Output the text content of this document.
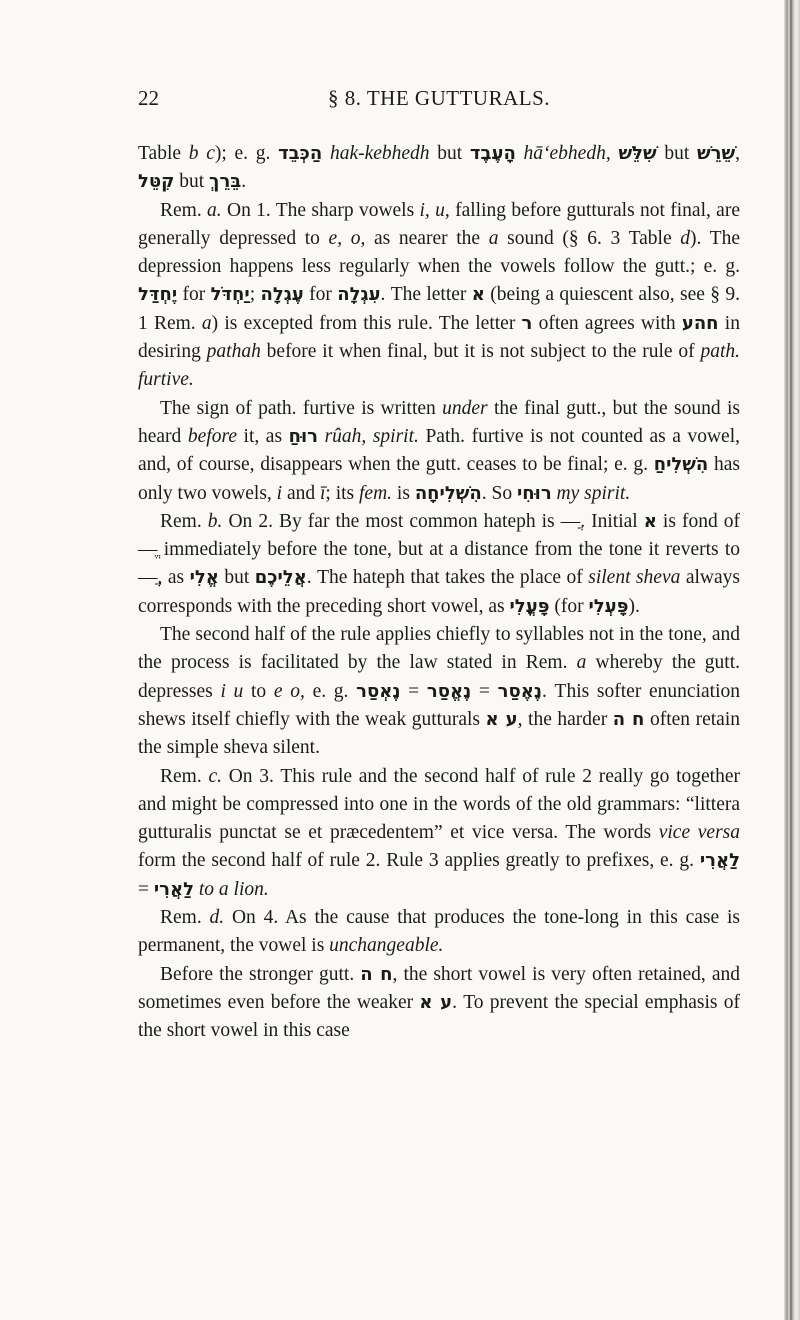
22	§ 8. THE GUTTURALS.

Table b c); e. g. הַכְּבֵד hak-kebhedh but הָעֶבֶד hā‘ebhedh, שִׁלֵּשׁ but שֵׁרֵשׁ, קִטֵּל but בֵּרֵךְ.

Rem. a. On 1. The sharp vowels i, u, falling before gutturals not final, are generally depressed to e, o, as nearer the a sound (§ 6. 3 Table d). The depression happens less regularly when the vowels follow the gutt.; e. g. יֶחְדַּל for יַחְדֹּל; עֶגְלָה for עִגְלָה. The letter א (being a quiescent also, see § 9. 1 Rem. a) is excepted from this rule. The letter ר often agrees with חהע in desiring pathah before it when final, but it is not subject to the rule of path. furtive.

The sign of path. furtive is written under the final gutt., but the sound is heard before it, as רוּחַ rûah, spirit. Path. furtive is not counted as a vowel, and, of course, disappears when the gutt. ceases to be final; e. g. הִשְׁלִיחַ has only two vowels, i and ī; its fem. is הִשְׁלִיחָה. So רוּחִי my spirit.

Rem. b. On 2. By far the most common hateph is —ֲ. Initial א is fond of —ֱ immediately before the tone, but at a distance from the tone it reverts to —ֲ, as אֱלִי but אֲלֵיכֶם. The hateph that takes the place of silent sheva always corresponds with the preceding short vowel, as פָּעֳלִי (for פָּעְלִי).

The second half of the rule applies chiefly to syllables not in the tone, and the process is facilitated by the law stated in Rem. a whereby the gutt. depresses i u to e o, e. g. נֶאְסַר = נֶאֱסַר = נֶאֶסַר. This softer enunciation shews itself chiefly with the weak gutturals ע א, the harder ח ה often retain the simple sheva silent.

Rem. c. On 3. This rule and the second half of rule 2 really go together and might be compressed into one in the words of the old grammars: “littera gutturalis punctat se et præcedentem” et vice versa. The words vice versa form the second half of rule 2. Rule 3 applies greatly to prefixes, e. g. לַאֲרִי = לַאֲרִי to a lion.

Rem. d. On 4. As the cause that produces the tone-long in this case is permanent, the vowel is unchangeable.

Before the stronger gutt. ח ה, the short vowel is very often retained, and sometimes even before the weaker ע א. To prevent the special emphasis of the short vowel in this case
